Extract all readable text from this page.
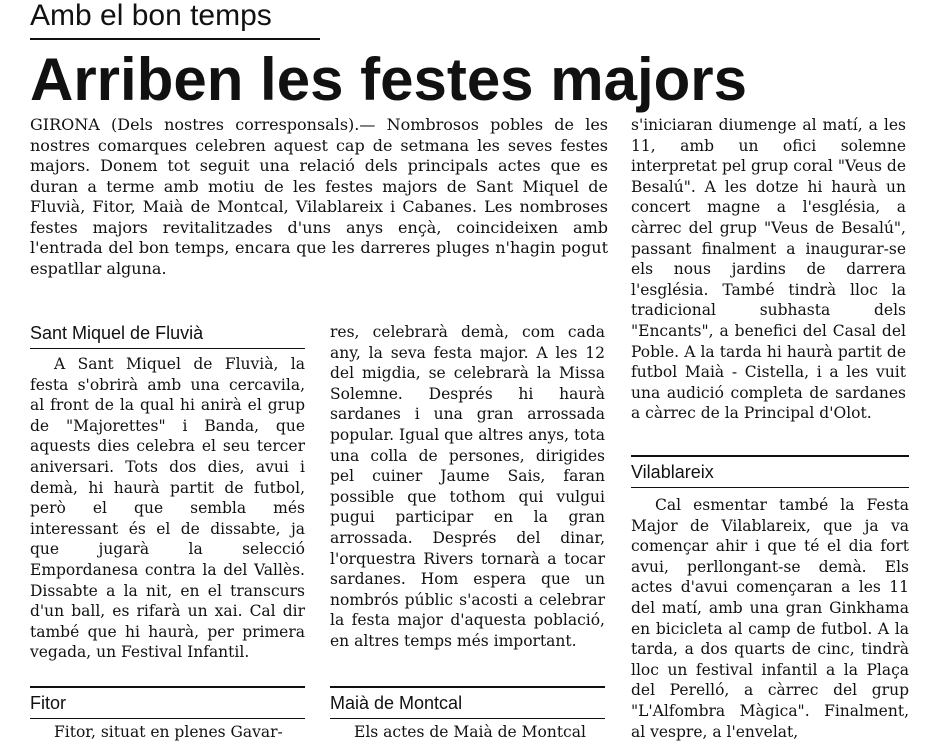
Amb el bon temps
Arriben les festes majors

GIRONA (Dels nostres corresponsals).— Nombrosos pobles de les nostres comarques celebren aquest cap de setmana les seves festes majors. Donem tot seguit una relació dels principals actes que es duran a terme amb motiu de les festes majors de Sant Miquel de Fluvià, Fitor, Maià de Montcal, Vilablareix i Cabanes. Les nombroses festes majors revitalitzades d'uns anys ençà, coincideixen amb l'entrada del bon temps, encara que les darreres pluges n'hagin pogut espatllar alguna.

Sant Miquel de Fluvià

A Sant Miquel de Fluvià, la festa s'obrirà amb una cercavila, al front de la qual hi anirà el grup de "Majorettes" i Banda, que aquests dies celebra el seu tercer aniversari. Tots dos dies, avui i demà, hi haurà partit de futbol, però el que sembla més interessant és el de dissabte, ja que jugarà la selecció Empordanesa contra la del Vallès. Dissabte a la nit, en el transcurs d'un ball, es rifarà un xai. Cal dir també que hi haurà, per primera vegada, un Festival Infantil.

Fitor

Fitor, situat en plenes Gavar-

res, celebrarà demà, com cada any, la seva festa major. A les 12 del migdia, se celebrarà la Missa Solemne. Després hi haurà sardanes i una gran arrossada popular. Igual que altres anys, tota una colla de persones, dirigides pel cuiner Jaume Sais, faran possible que tothom qui vulgui pugui participar en la gran arrossada. Després del dinar, l'orquestra Rivers tornarà a tocar sardanes. Hom espera que un nombrós públic s'acosti a celebrar la festa major d'aquesta població, en altres temps més important.

Maià de Montcal

Els actes de Maià de Montcal

s'iniciaran diumenge al matí, a les 11, amb un ofici solemne interpretat pel grup coral "Veus de Besalú". A les dotze hi haurà un concert magne a l'església, a càrrec del grup "Veus de Besalú", passant finalment a inaugurar-se els nous jardins de darrera l'església. També tindrà lloc la tradicional subhasta dels "Encants", a benefici del Casal del Poble. A la tarda hi haurà partit de futbol Maià - Cistella, i a les vuit una audició completa de sardanes a càrrec de la Principal d'Olot.

Vilablareix

Cal esmentar també la Festa Major de Vilablareix, que ja va començar ahir i que té el dia fort avui, perllongant-se demà. Els actes d'avui començaran a les 11 del matí, amb una gran Ginkhama en bicicleta al camp de futbol. A la tarda, a dos quarts de cinc, tindrà lloc un festival infantil a la Plaça del Perelló, a càrrec del grup "L'Alfombra Màgica". Finalment, al vespre, a l'envelat,
